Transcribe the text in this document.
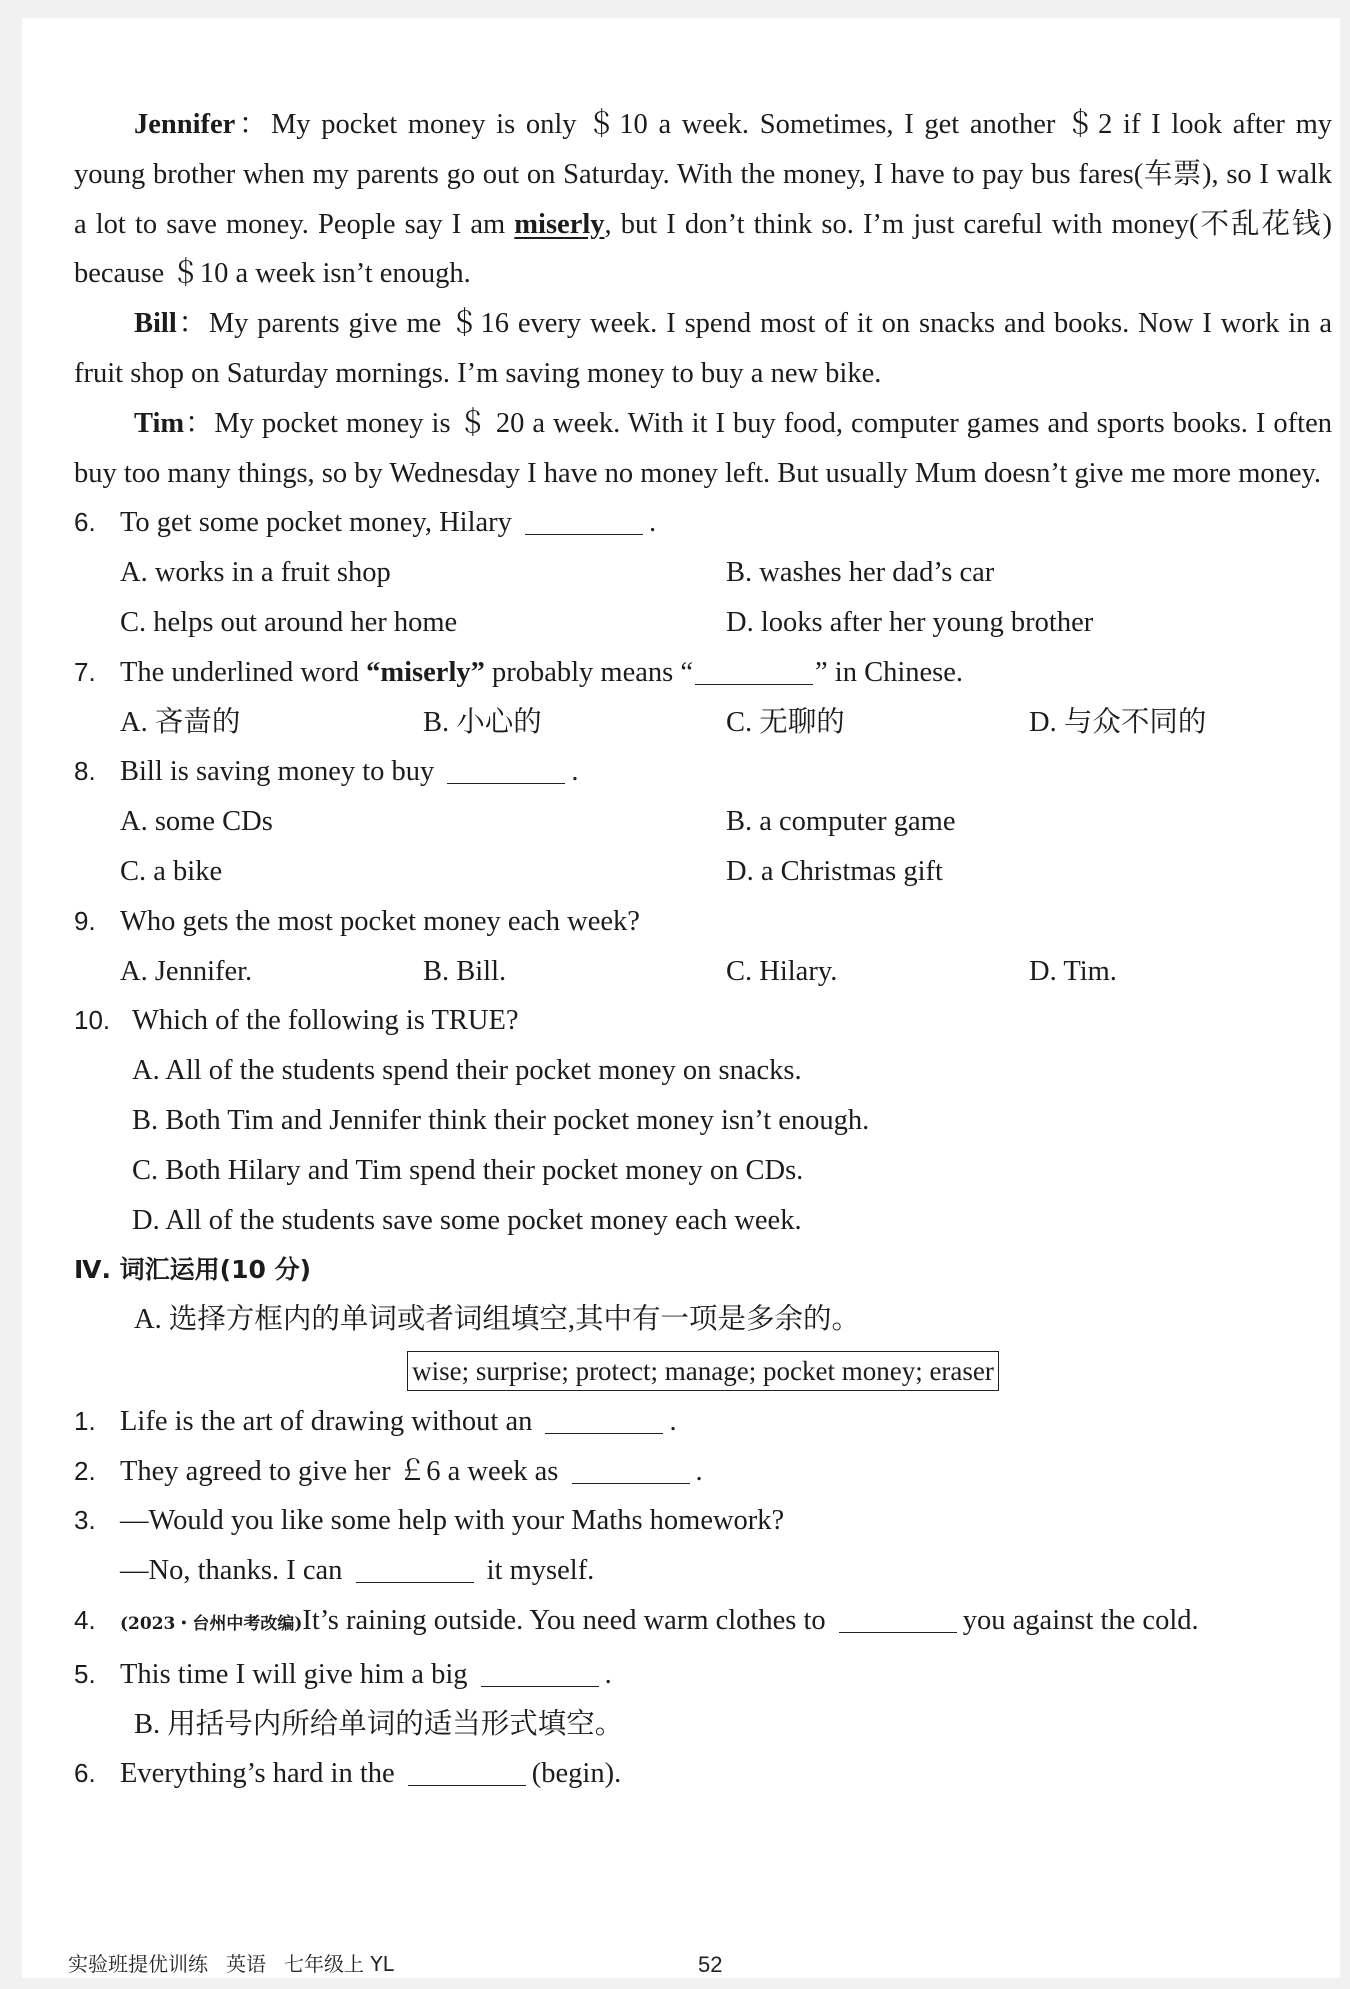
Jennifer：My pocket money is only ＄10 a week. Sometimes, I get another ＄2 if I look after my young brother when my parents go out on Saturday. With the money, I have to pay bus fares(车票), so I walk a lot to save money. People say I am miserly, but I don’t think so. I’m just careful with money(不乱花钱) because ＄10 a week isn’t enough.

Bill：My parents give me ＄16 every week. I spend most of it on snacks and books. Now I work in a fruit shop on Saturday mornings. I’m saving money to buy a new bike.

Tim：My pocket money is ＄ 20 a week. With it I buy food, computer games and sports books. I often buy too many things, so by Wednesday I have no money left. But usually Mum doesn’t give me more money.

6. To get some pocket money, Hilary	.

A. works in a fruit shop	B. washes her dad’s car
C. helps out around her home	D. looks after her young brother

7. The underlined word “miserly” probably means “	” in Chinese.

A. 吝啬的	B. 小心的	C. 无聊的	D. 与众不同的

8. Bill is saving money to buy	.

A. some CDs	B. a computer game
C. a bike	D. a Christmas gift

9. Who gets the most pocket money each week?

A. Jennifer.	B. Bill.	C. Hilary.	D. Tim.

10. Which of the following is TRUE?

A. All of the students spend their pocket money on snacks.
B. Both Tim and Jennifer think their pocket money isn’t enough.
C. Both Hilary and Tim spend their pocket money on CDs.
D. All of the students save some pocket money each week.

Ⅳ. 词汇运用(10 分)

A. 选择方框内的单词或者词组填空,其中有一项是多余的。

wise; surprise; protect; manage; pocket money; eraser

1. Life is the art of drawing without an	.

2. They agreed to give her ￡6 a week as	.

3. —Would you like some help with your Maths homework?

—No, thanks. I can	it myself.

4. (2023・台州中考改编)It’s raining outside. You need warm clothes to	you against the cold.

5. This time I will give him a big	.

B. 用括号内所给单词的适当形式填空。

6. Everything’s hard in the	(begin).

实验班提优训练 英语 七年级上 YL	52
